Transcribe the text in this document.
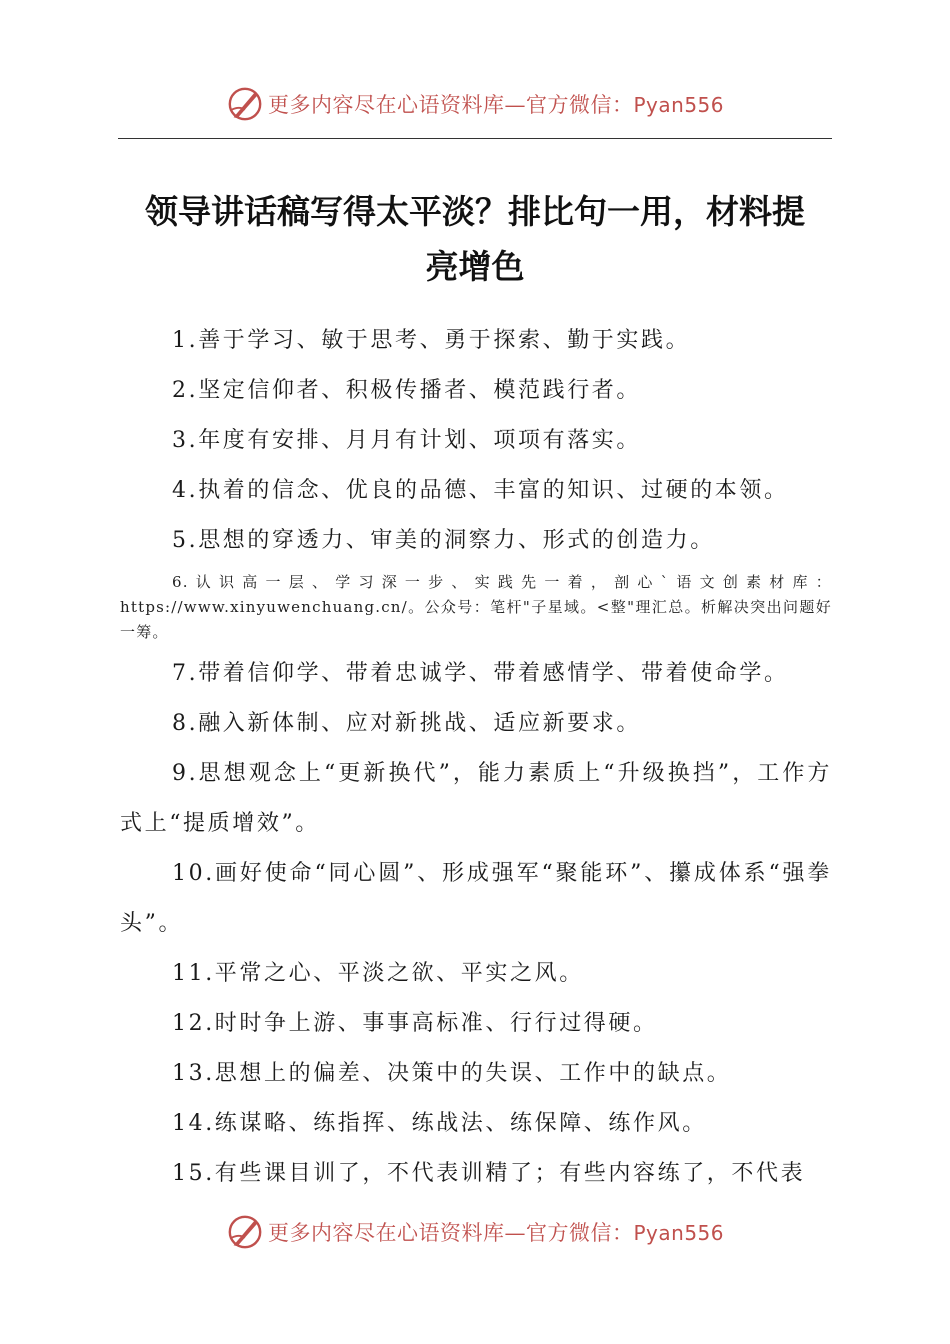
更多内容尽在心语资料库—官方微信：Pyan556
领导讲话稿写得太平淡？排比句一用，材料提
亮增色

1.善于学习、敏于思考、勇于探索、勤于实践。

2.坚定信仰者、积极传播者、模范践行者。

3.年度有安排、月月有计划、项项有落实。

4.执着的信念、优良的品德、丰富的知识、过硬的本领。

5.思想的穿透力、审美的洞察力、形式的创造力。

6.认识高一层、学习深一步、实践先一着，剖心`语文创素材库：https://www.xinyuwenchuang.cn/。公众号：笔杆"子星域。<整"理汇总。析解决突出问题好一筹。

7.带着信仰学、带着忠诚学、带着感情学、带着使命学。

8.融入新体制、应对新挑战、适应新要求。

9.思想观念上“更新换代”，能力素质上“升级换挡”，工作方式上“提质增效”。

10.画好使命“同心圆”、形成强军“聚能环”、攥成体系“强拳头”。

11.平常之心、平淡之欲、平实之风。

12.时时争上游、事事高标准、行行过得硬。

13.思想上的偏差、决策中的失误、工作中的缺点。

14.练谋略、练指挥、练战法、练保障、练作风。

15.有些课目训了，不代表训精了；有些内容练了，不代表

更多内容尽在心语资料库—官方微信：Pyan556
